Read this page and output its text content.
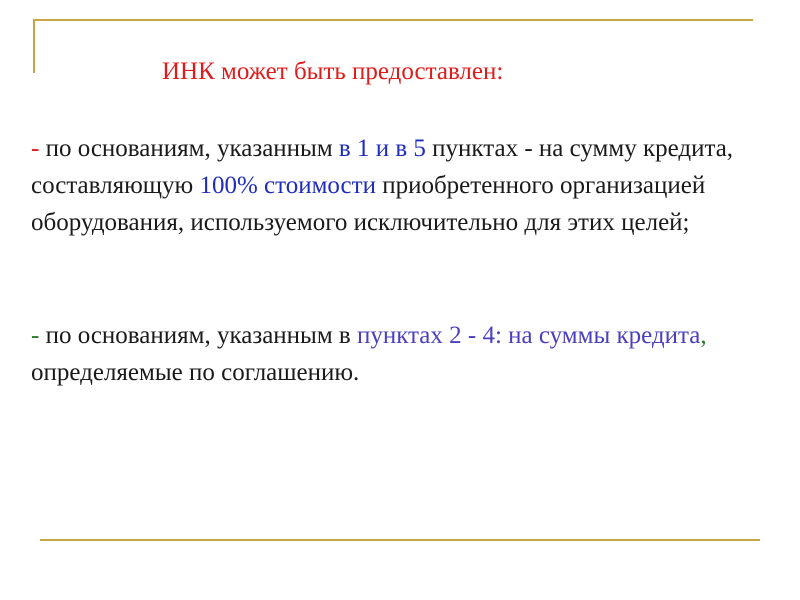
ИНК может быть предоставлен:
- по основаниям, указанным в 1 и в 5 пунктах - на сумму кредита, составляющую 100% стоимости приобретенного организацией оборудования, используемого исключительно для этих целей;
- по основаниям, указанным в пунктах 2 - 4: на суммы кредита, определяемые по соглашению.
